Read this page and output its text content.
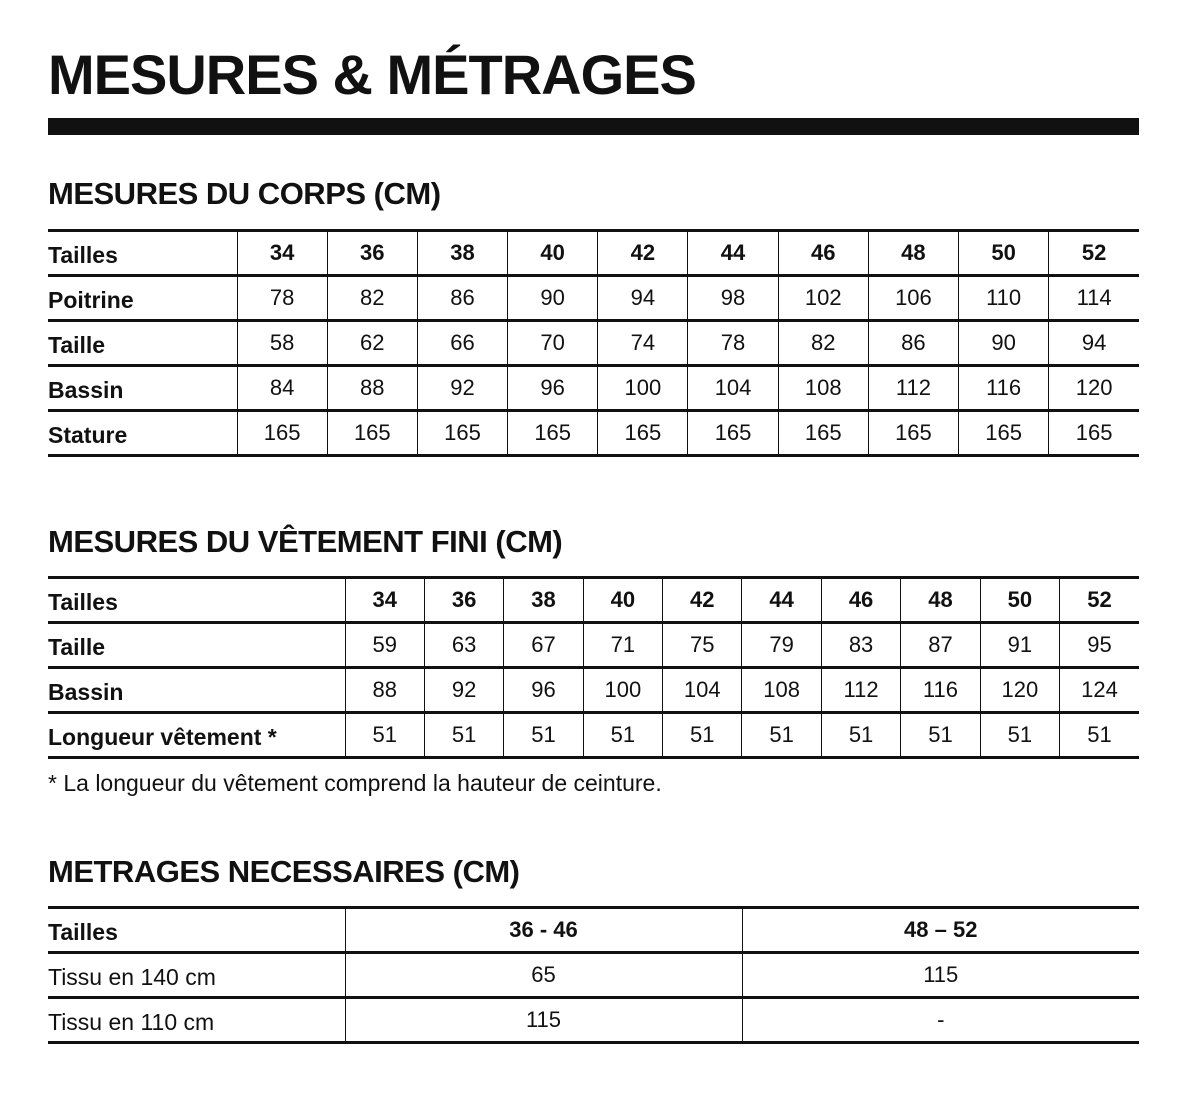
MESURES & MÉTRAGES
MESURES DU CORPS (CM)
Tailles	34	36	38	40	42	44	46	48	50	52
Poitrine	78	82	86	90	94	98	102	106	110	114
Taille	58	62	66	70	74	78	82	86	90	94
Bassin	84	88	92	96	100	104	108	112	116	120
Stature	165	165	165	165	165	165	165	165	165	165
MESURES DU VÊTEMENT FINI (CM)
Tailles	34	36	38	40	42	44	46	48	50	52
Taille	59	63	67	71	75	79	83	87	91	95
Bassin	88	92	96	100	104	108	112	116	120	124
Longueur vêtement *	51	51	51	51	51	51	51	51	51	51

* La longueur du vêtement comprend la hauteur de ceinture.

METRAGES NECESSAIRES (CM)
Tailles	36 - 46	48 – 52
Tissu en 140 cm	65	115
Tissu en 110 cm	115	-
